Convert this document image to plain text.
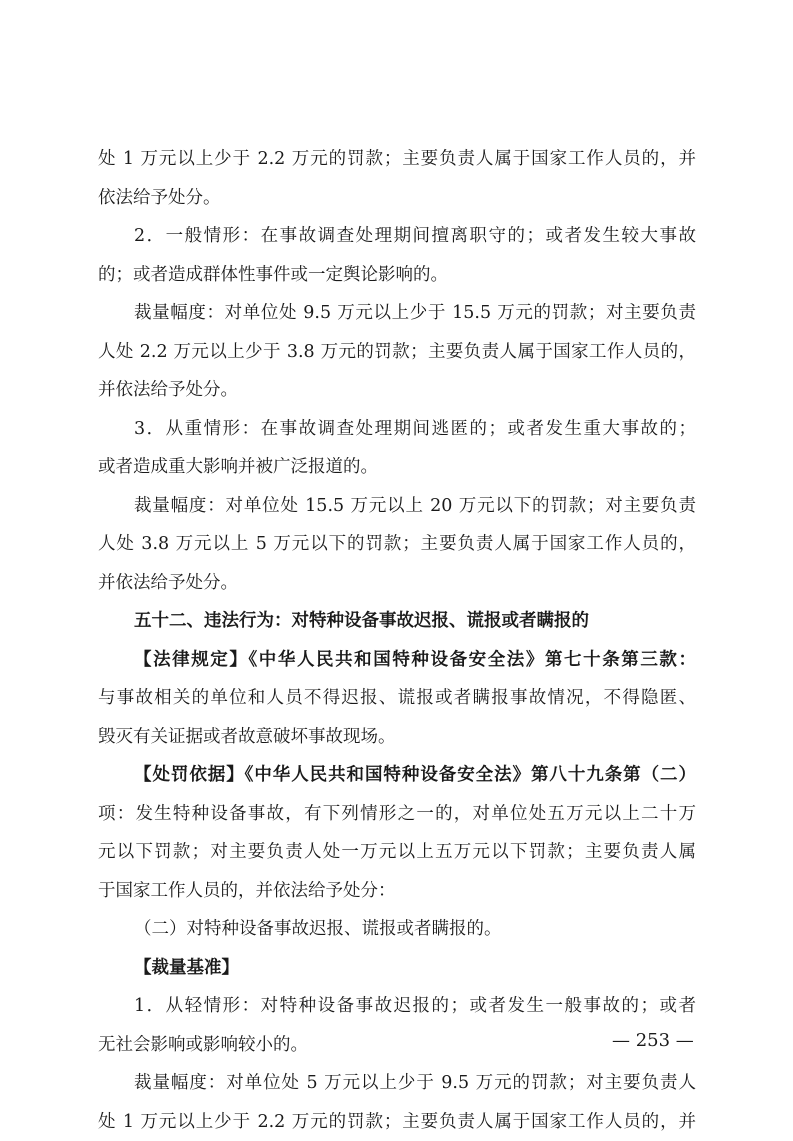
处 1 万元以上少于 2.2 万元的罚款；主要负责人属于国家工作人员的，并
依法给予处分。
2．一般情形：在事故调查处理期间擅离职守的；或者发生较大事故
的；或者造成群体性事件或一定舆论影响的。
裁量幅度：对单位处 9.5 万元以上少于 15.5 万元的罚款；对主要负责
人处 2.2 万元以上少于 3.8 万元的罚款；主要负责人属于国家工作人员的，
并依法给予处分。
3．从重情形：在事故调查处理期间逃匿的；或者发生重大事故的；
或者造成重大影响并被广泛报道的。
裁量幅度：对单位处 15.5 万元以上 20 万元以下的罚款；对主要负责
人处 3.8 万元以上 5 万元以下的罚款；主要负责人属于国家工作人员的，
并依法给予处分。
五十二、违法行为：对特种设备事故迟报、谎报或者瞒报的
【法律规定】《中华人民共和国特种设备安全法》第七十条第三款：
与事故相关的单位和人员不得迟报、谎报或者瞒报事故情况，不得隐匿、
毁灭有关证据或者故意破坏事故现场。
【处罚依据】《中华人民共和国特种设备安全法》第八十九条第（二）
项：发生特种设备事故，有下列情形之一的，对单位处五万元以上二十万
元以下罚款；对主要负责人处一万元以上五万元以下罚款；主要负责人属
于国家工作人员的，并依法给予处分：
（二）对特种设备事故迟报、谎报或者瞒报的。
【裁量基准】
1．从轻情形：对特种设备事故迟报的；或者发生一般事故的；或者
无社会影响或影响较小的。
裁量幅度：对单位处 5 万元以上少于 9.5 万元的罚款；对主要负责人
处 1 万元以上少于 2.2 万元的罚款；主要负责人属于国家工作人员的，并
— 253 —
